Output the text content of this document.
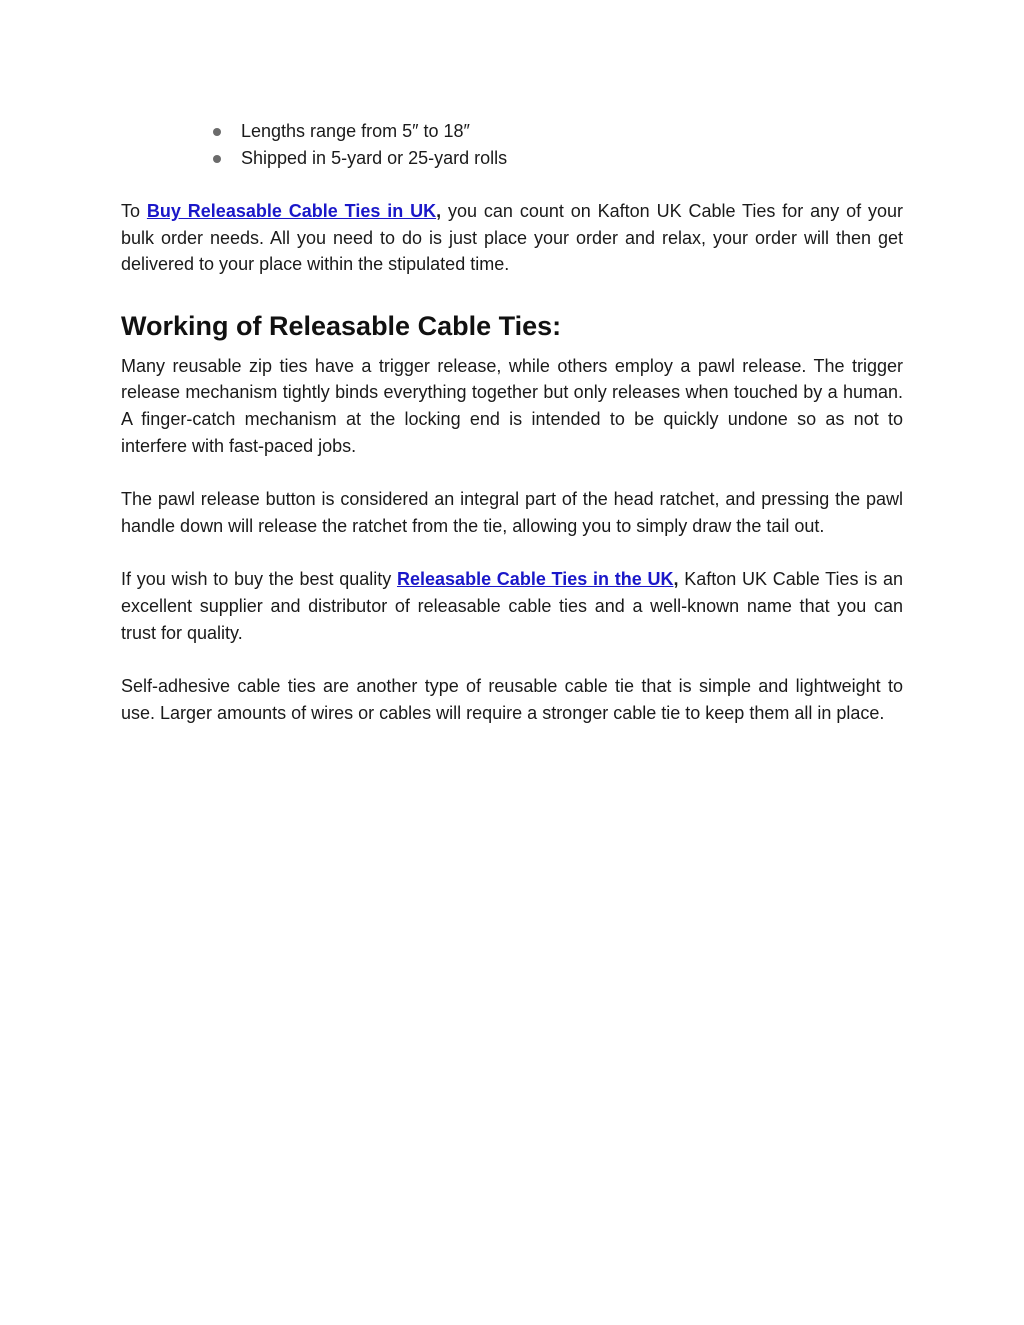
Lengths range from 5″ to 18″
Shipped in 5-yard or 25-yard rolls

To Buy Releasable Cable Ties in UK, you can count on Kafton UK Cable Ties for any of your bulk order needs. All you need to do is just place your order and relax, your order will then get delivered to your place within the stipulated time.

Working of Releasable Cable Ties:

Many reusable zip ties have a trigger release, while others employ a pawl release. The trigger release mechanism tightly binds everything together but only releases when touched by a human. A finger-catch mechanism at the locking end is intended to be quickly undone so as not to interfere with fast-paced jobs.

The pawl release button is considered an integral part of the head ratchet, and pressing the pawl handle down will release the ratchet from the tie, allowing you to simply draw the tail out.

If you wish to buy the best quality Releasable Cable Ties in the UK, Kafton UK Cable Ties is an excellent supplier and distributor of releasable cable ties and a well-known name that you can trust for quality.

Self-adhesive cable ties are another type of reusable cable tie that is simple and lightweight to use. Larger amounts of wires or cables will require a stronger cable tie to keep them all in place.
